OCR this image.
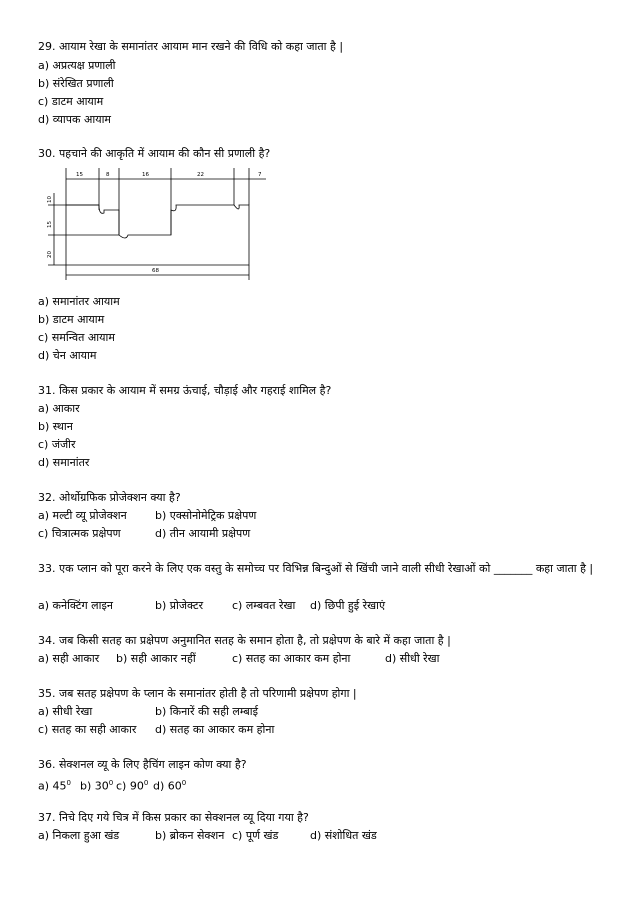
29. आयाम रेखा के समानांतर आयाम मान रखने की विधि को कहा जाता है |
a) अप्रत्यक्ष प्रणाली
b) संरेखित प्रणाली
c) डाटम आयाम
d) व्यापक आयाम
30. पहचाने की आकृति में आयाम की कौन सी प्रणाली है?
15	8	16	22	7
10
15
20
68
a) समानांतर आयाम
b) डाटम आयाम
c) समन्वित आयाम
d) चेन आयाम
31. किस प्रकार के आयाम में समग्र ऊंचाई, चौड़ाई और गहराई शामिल है?
a) आकार
b) स्थान
c) जंजीर
d) समानांतर
32. ओर्थोग्रफिक प्रोजेक्शन क्या है?
a) मल्टी व्यू प्रोजेक्शन	b) एक्सोनोमेट्रिक प्रक्षेपण
c) चित्रात्मक प्रक्षेपण	d) तीन आयामी प्रक्षेपण
33. एक प्लान को पूरा करने के लिए एक वस्तु के समोच्च पर विभिन्न बिन्दुओं से खिंची जाने वाली सीधी रेखाओं को _______ कहा जाता है |
a) कनेक्टिंग लाइन	b) प्रोजेक्टर	c) लम्बवत रेखा d) छिपी हुई रेखाएं
34. जब किसी सतह का प्रक्षेपण अनुमानित सतह के समान होता है, तो प्रक्षेपण के बारे में कहा जाता है |
a) सही आकार b) सही आकार नहीं	c) सतह का आकार कम होना	d) सीधी रेखा
35. जब सतह प्रक्षेपण के प्लान के समानांतर होती है तो परिणामी प्रक्षेपण होगा |
a) सीधी रेखा	b) किनारें की सही लम्बाई
c) सतह का सही आकार d) सतह का आकार कम होना
36. सेक्शनल व्यू के लिए हैचिंग लाइन कोण क्या है?
a) $45^0$ b) $30^0$ c) $90^0$ d) $60^0$
37. निचे दिए गये चित्र में किस प्रकार का सेक्शनल व्यू दिया गया है?
a) निकला हुआ खंड	b) ब्रोकन सेक्शन c) पूर्ण खंड	d) संशोधित खंड
